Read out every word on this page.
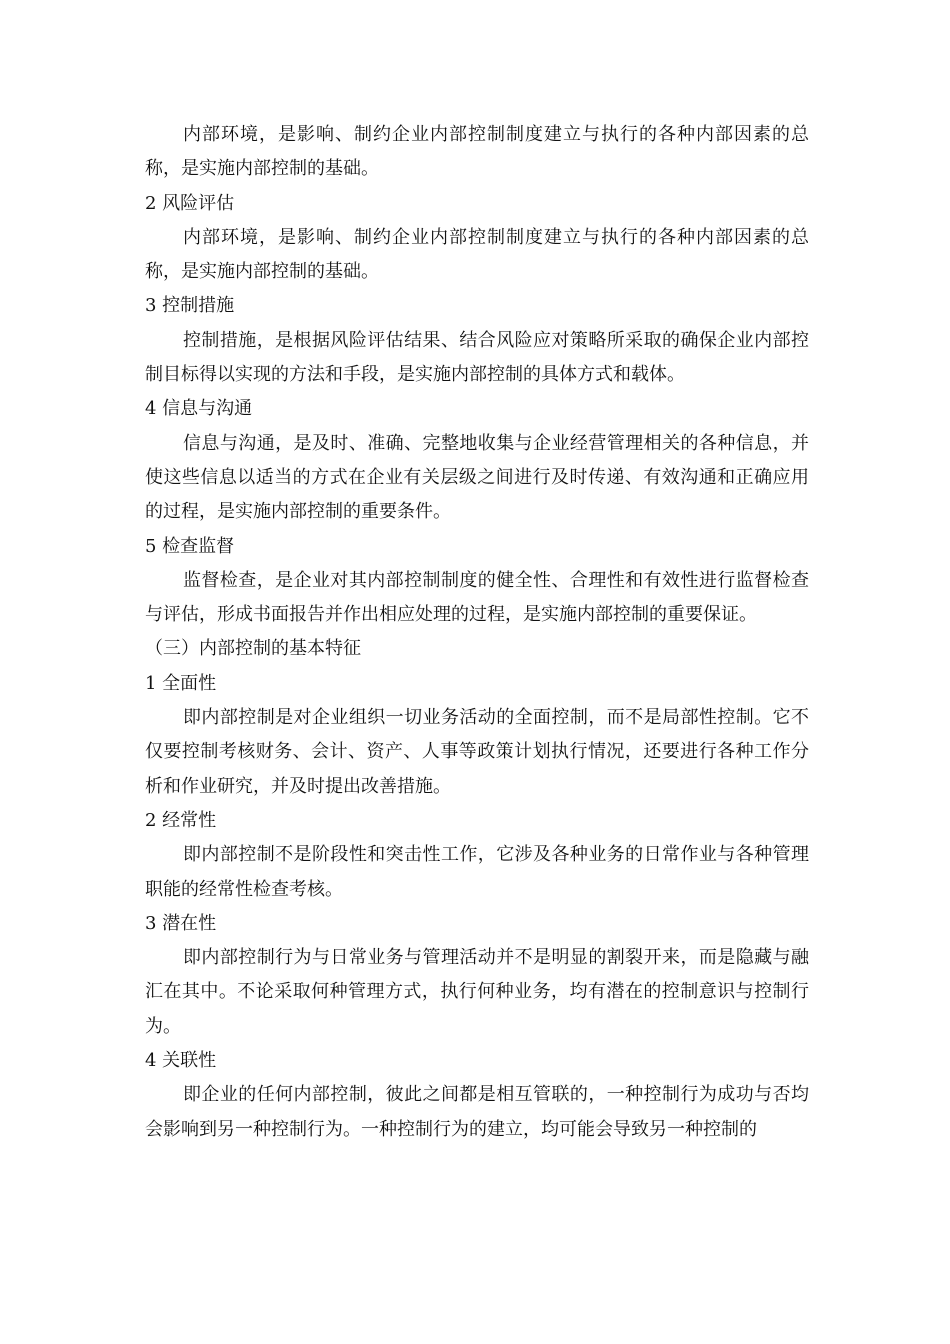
内部环境，是影响、制约企业内部控制制度建立与执行的各种内部因素的总称，是实施内部控制的基础。

2 风险评估

内部环境，是影响、制约企业内部控制制度建立与执行的各种内部因素的总称，是实施内部控制的基础。

3 控制措施

控制措施，是根据风险评估结果、结合风险应对策略所采取的确保企业内部控制目标得以实现的方法和手段，是实施内部控制的具体方式和载体。

4 信息与沟通

信息与沟通，是及时、准确、完整地收集与企业经营管理相关的各种信息，并使这些信息以适当的方式在企业有关层级之间进行及时传递、有效沟通和正确应用的过程，是实施内部控制的重要条件。

5 检查监督

监督检查，是企业对其内部控制制度的健全性、合理性和有效性进行监督检查与评估，形成书面报告并作出相应处理的过程，是实施内部控制的重要保证。

（三）内部控制的基本特征

1 全面性

即内部控制是对企业组织一切业务活动的全面控制，而不是局部性控制。它不仅要控制考核财务、会计、资产、人事等政策计划执行情况，还要进行各种工作分析和作业研究，并及时提出改善措施。

2 经常性

即内部控制不是阶段性和突击性工作，它涉及各种业务的日常作业与各种管理职能的经常性检查考核。

3 潜在性

即内部控制行为与日常业务与管理活动并不是明显的割裂开来，而是隐藏与融汇在其中。不论采取何种管理方式，执行何种业务，均有潜在的控制意识与控制行为。

4 关联性

即企业的任何内部控制，彼此之间都是相互管联的，一种控制行为成功与否均会影响到另一种控制行为。一种控制行为的建立，均可能会导致另一种控制的
